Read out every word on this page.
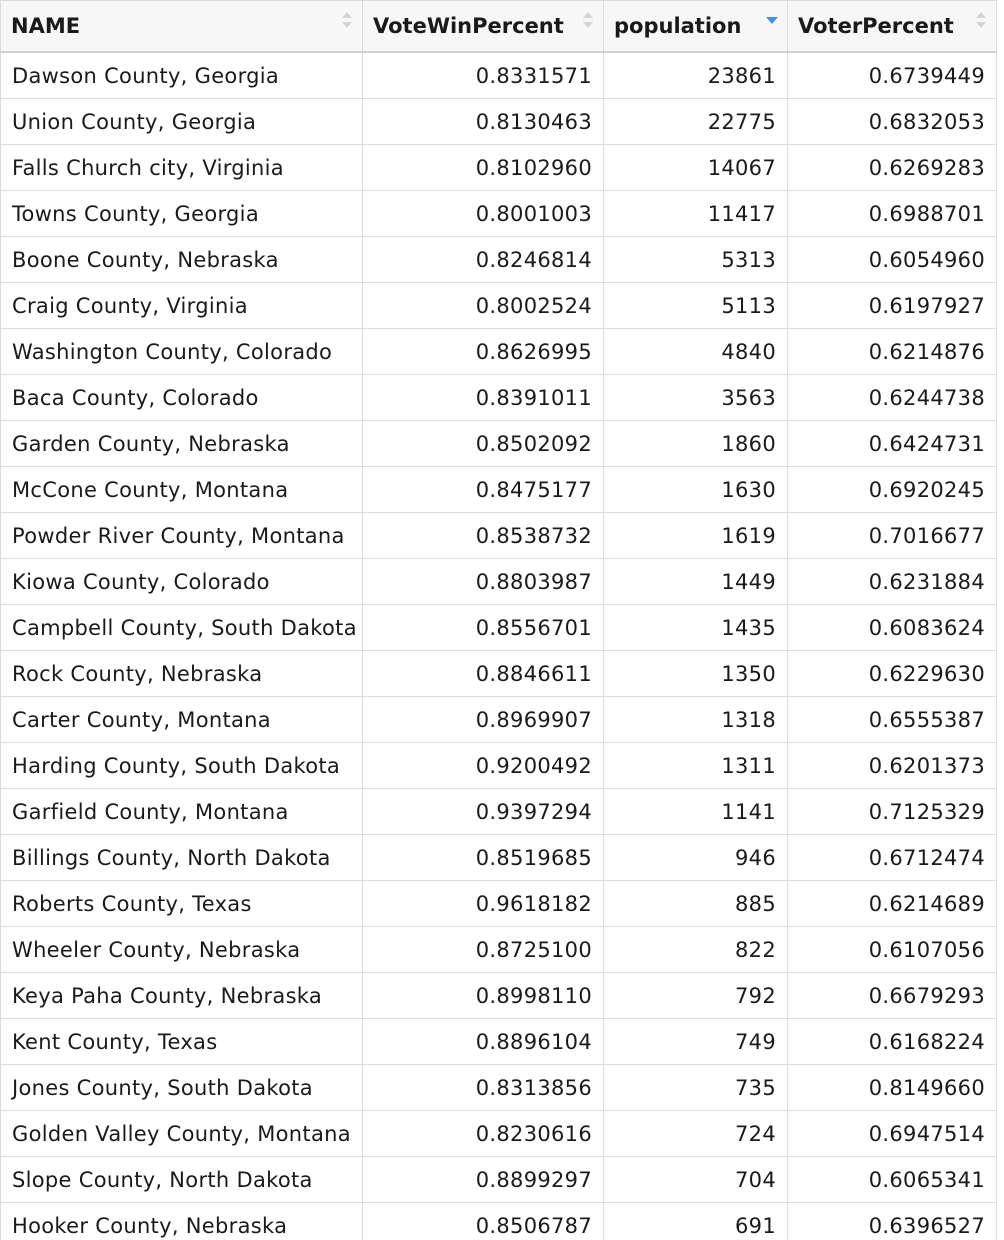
NAME	VoteWinPercent	population	VoterPercent

Dawson County, Georgia	0.8331571	23861	0.6739449
Union County, Georgia	0.8130463	22775	0.6832053
Falls Church city, Virginia	0.8102960	14067	0.6269283
Towns County, Georgia	0.8001003	11417	0.6988701
Boone County, Nebraska	0.8246814	5313	0.6054960
Craig County, Virginia	0.8002524	5113	0.6197927
Washington County, Colorado	0.8626995	4840	0.6214876
Baca County, Colorado	0.8391011	3563	0.6244738
Garden County, Nebraska	0.8502092	1860	0.6424731
McCone County, Montana	0.8475177	1630	0.6920245
Powder River County, Montana	0.8538732	1619	0.7016677
Kiowa County, Colorado	0.8803987	1449	0.6231884
Campbell County, South Dakota	0.8556701	1435	0.6083624
Rock County, Nebraska	0.8846611	1350	0.6229630
Carter County, Montana	0.8969907	1318	0.6555387
Harding County, South Dakota	0.9200492	1311	0.6201373
Garfield County, Montana	0.9397294	1141	0.7125329
Billings County, North Dakota	0.8519685	946	0.6712474
Roberts County, Texas	0.9618182	885	0.6214689
Wheeler County, Nebraska	0.8725100	822	0.6107056
Keya Paha County, Nebraska	0.8998110	792	0.6679293
Kent County, Texas	0.8896104	749	0.6168224
Jones County, South Dakota	0.8313856	735	0.8149660
Golden Valley County, Montana	0.8230616	724	0.6947514
Slope County, North Dakota	0.8899297	704	0.6065341
Hooker County, Nebraska	0.8506787	691	0.6396527
